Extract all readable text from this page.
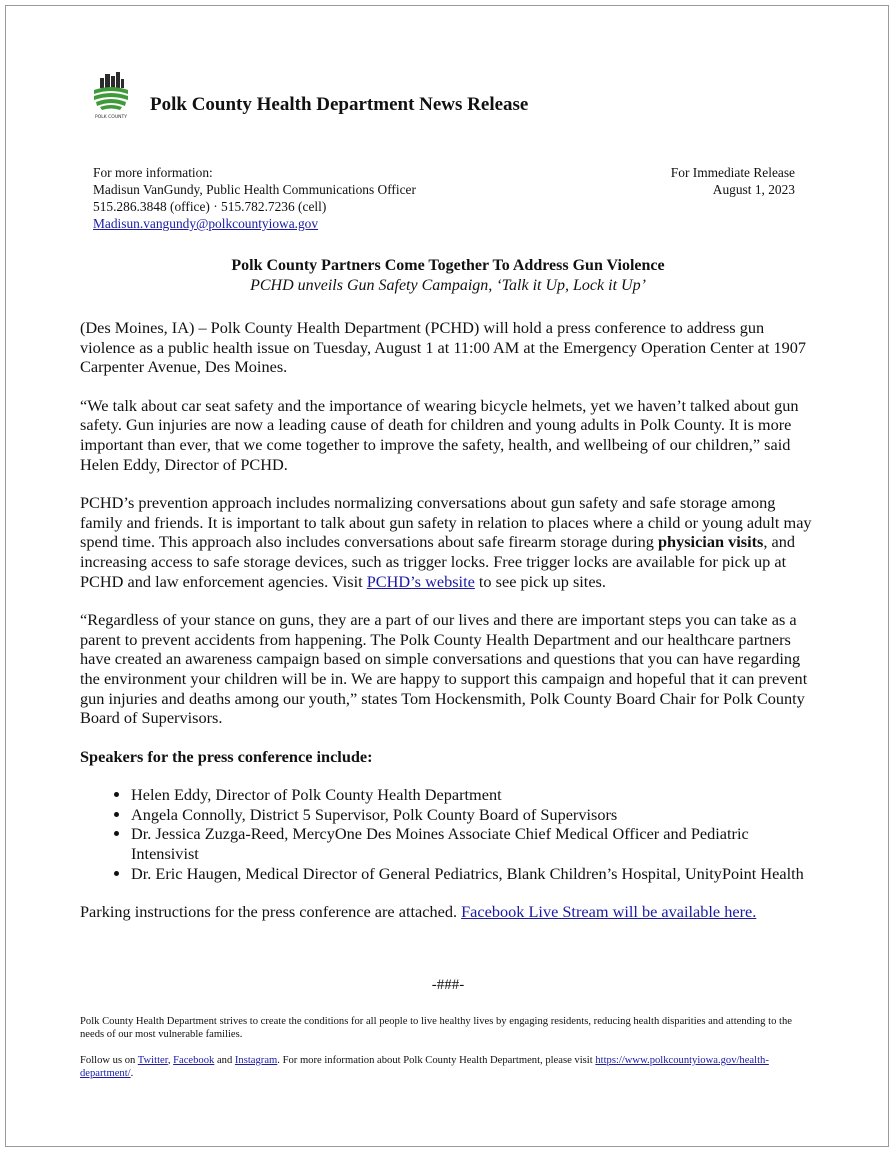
POLK COUNTY
Polk County Health Department News Release
For more information:
Madisun VanGundy, Public Health Communications Officer
515.286.3848 (office) · 515.782.7236 (cell)
Madisun.vangundy@polkcountyiowa.gov
For Immediate Release
August 1, 2023
Polk County Partners Come Together To Address Gun Violence
PCHD unveils Gun Safety Campaign, ‘Talk it Up, Lock it Up’

(Des Moines, IA) – Polk County Health Department (PCHD) will hold a press conference to address gun violence as a public health issue on Tuesday, August 1 at 11:00 AM at the Emergency Operation Center at 1907 Carpenter Avenue, Des Moines.

“We talk about car seat safety and the importance of wearing bicycle helmets, yet we haven’t talked about gun safety. Gun injuries are now a leading cause of death for children and young adults in Polk County. It is more important than ever, that we come together to improve the safety, health, and wellbeing of our children,” said Helen Eddy, Director of PCHD.

PCHD’s prevention approach includes normalizing conversations about gun safety and safe storage among family and friends. It is important to talk about gun safety in relation to places where a child or young adult may spend time. This approach also includes conversations about safe firearm storage during physician visits, and increasing access to safe storage devices, such as trigger locks. Free trigger locks are available for pick up at PCHD and law enforcement agencies. Visit PCHD’s website to see pick up sites.

“Regardless of your stance on guns, they are a part of our lives and there are important steps you can take as a parent to prevent accidents from happening. The Polk County Health Department and our healthcare partners have created an awareness campaign based on simple conversations and questions that you can have regarding the environment your children will be in. We are happy to support this campaign and hopeful that it can prevent gun injuries and deaths among our youth,” states Tom Hockensmith, Polk County Board Chair for Polk County Board of Supervisors.

Speakers for the press conference include:

• Helen Eddy, Director of Polk County Health Department
• Angela Connolly, District 5 Supervisor, Polk County Board of Supervisors
• Dr. Jessica Zuzga-Reed, MercyOne Des Moines Associate Chief Medical Officer and Pediatric Intensivist
• Dr. Eric Haugen, Medical Director of General Pediatrics, Blank Children’s Hospital, UnityPoint Health

Parking instructions for the press conference are attached. Facebook Live Stream will be available here.

-###-

Polk County Health Department strives to create the conditions for all people to live healthy lives by engaging residents, reducing health disparities and attending to the needs of our most vulnerable families.

Follow us on Twitter, Facebook and Instagram. For more information about Polk County Health Department, please visit https://www.polkcountyiowa.gov/health-department/.
